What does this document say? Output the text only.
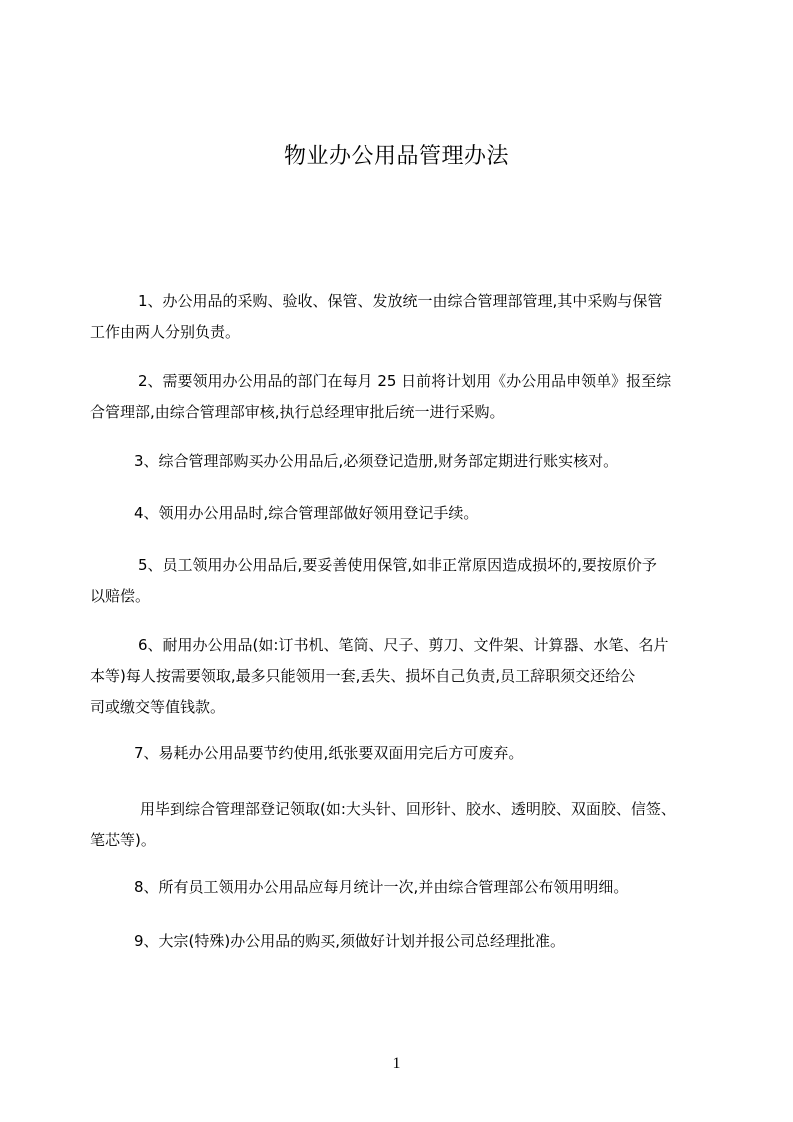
物业办公用品管理办法

1、办公用品的采购、验收、保管、发放统一由综合管理部管理,其中采购与保管
工作由两人分别负责。

2、需要领用办公用品的部门在每月 25 日前将计划用《办公用品申领单》报至综
合管理部,由综合管理部审核,执行总经理审批后统一进行采购。

3、综合管理部购买办公用品后,必须登记造册,财务部定期进行账实核对。

4、领用办公用品时,综合管理部做好领用登记手续。

5、员工领用办公用品后,要妥善使用保管,如非正常原因造成损坏的,要按原价予
以赔偿。

6、耐用办公用品(如:订书机、笔筒、尺子、剪刀、文件架、计算器、水笔、名片
本等)每人按需要领取,最多只能领用一套,丢失、损坏自己负责,员工辞职须交还给公
司或缴交等值钱款。

7、易耗办公用品要节约使用,纸张要双面用完后方可废弃。

用毕到综合管理部登记领取(如:大头针、回形针、胶水、透明胶、双面胶、信签、
笔芯等)。

8、所有员工领用办公用品应每月统计一次,并由综合管理部公布领用明细。

9、大宗(特殊)办公用品的购买,须做好计划并报公司总经理批准。

1
